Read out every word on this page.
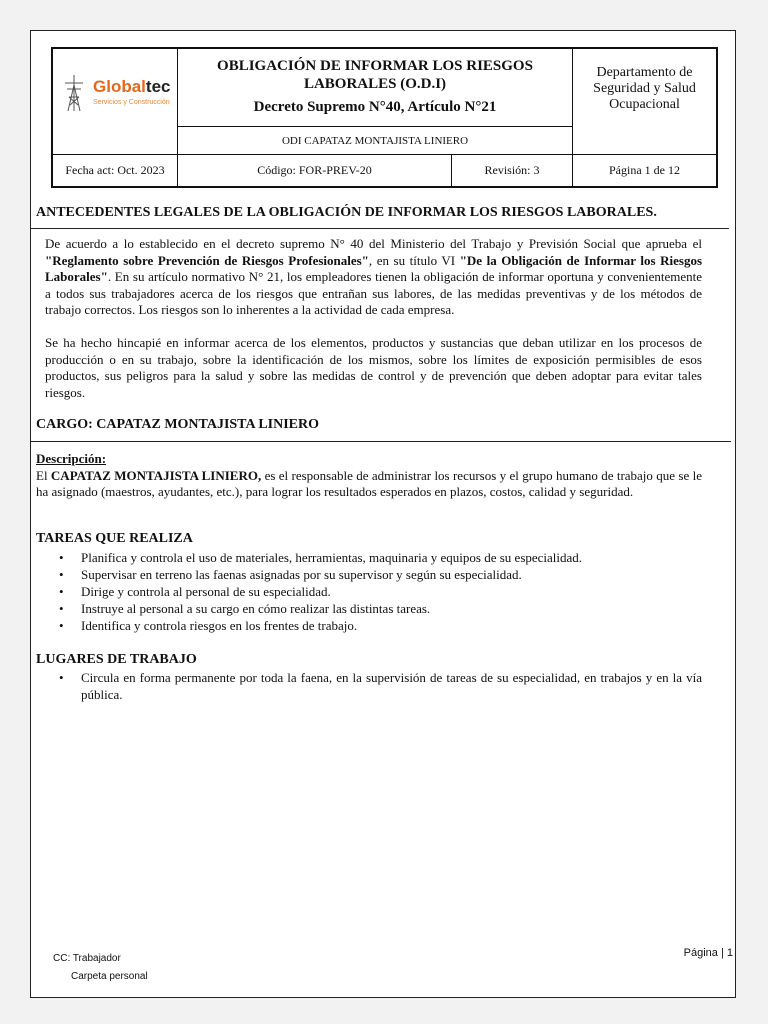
Globaltec
Servicios y Construcción
OBLIGACIÓN DE INFORMAR LOS RIESGOS LABORALES (O.D.I)
Decreto Supremo N°40, Artículo N°21
ODI CAPATAZ MONTAJISTA LINIERO
Departamento de Seguridad y Salud Ocupacional
Fecha act: Oct. 2023	Código: FOR-PREV-20	Revisión: 3	Página 1 de 12
ANTECEDENTES LEGALES DE LA OBLIGACIÓN DE INFORMAR LOS RIESGOS LABORALES.
De acuerdo a lo establecido en el decreto supremo N° 40 del Ministerio del Trabajo y Previsión Social que aprueba el "Reglamento sobre Prevención de Riesgos Profesionales", en su título VI "De la Obligación de Informar los Riesgos Laborales". En su artículo normativo N° 21, los empleadores tienen la obligación de informar oportuna y convenientemente a todos sus trabajadores acerca de los riesgos que entrañan sus labores, de las medidas preventivas y de los métodos de trabajo correctos. Los riesgos son lo inherentes a la actividad de cada empresa.
Se ha hecho hincapié en informar acerca de los elementos, productos y sustancias que deban utilizar en los procesos de producción o en su trabajo, sobre la identificación de los mismos, sobre los límites de exposición permisibles de esos productos, sus peligros para la salud y sobre las medidas de control y de prevención que deben adoptar para evitar tales riesgos.
CARGO: CAPATAZ MONTAJISTA LINIERO
Descripción:
El CAPATAZ MONTAJISTA LINIERO, es el responsable de administrar los recursos y el grupo humano de trabajo que se le ha asignado (maestros, ayudantes, etc.), para lograr los resultados esperados en plazos, costos, calidad y seguridad.
TAREAS QUE REALIZA
• Planifica y controla el uso de materiales, herramientas, maquinaria y equipos de su especialidad.
• Supervisar en terreno las faenas asignadas por su supervisor y según su especialidad.
• Dirige y controla al personal de su especialidad.
• Instruye al personal a su cargo en cómo realizar las distintas tareas.
• Identifica y controla riesgos en los frentes de trabajo.
LUGARES DE TRABAJO
• Circula en forma permanente por toda la faena, en la supervisión de tareas de su especialidad, en trabajos y en la vía pública.
CC: Trabajador
Carpeta personal
Página | 1
